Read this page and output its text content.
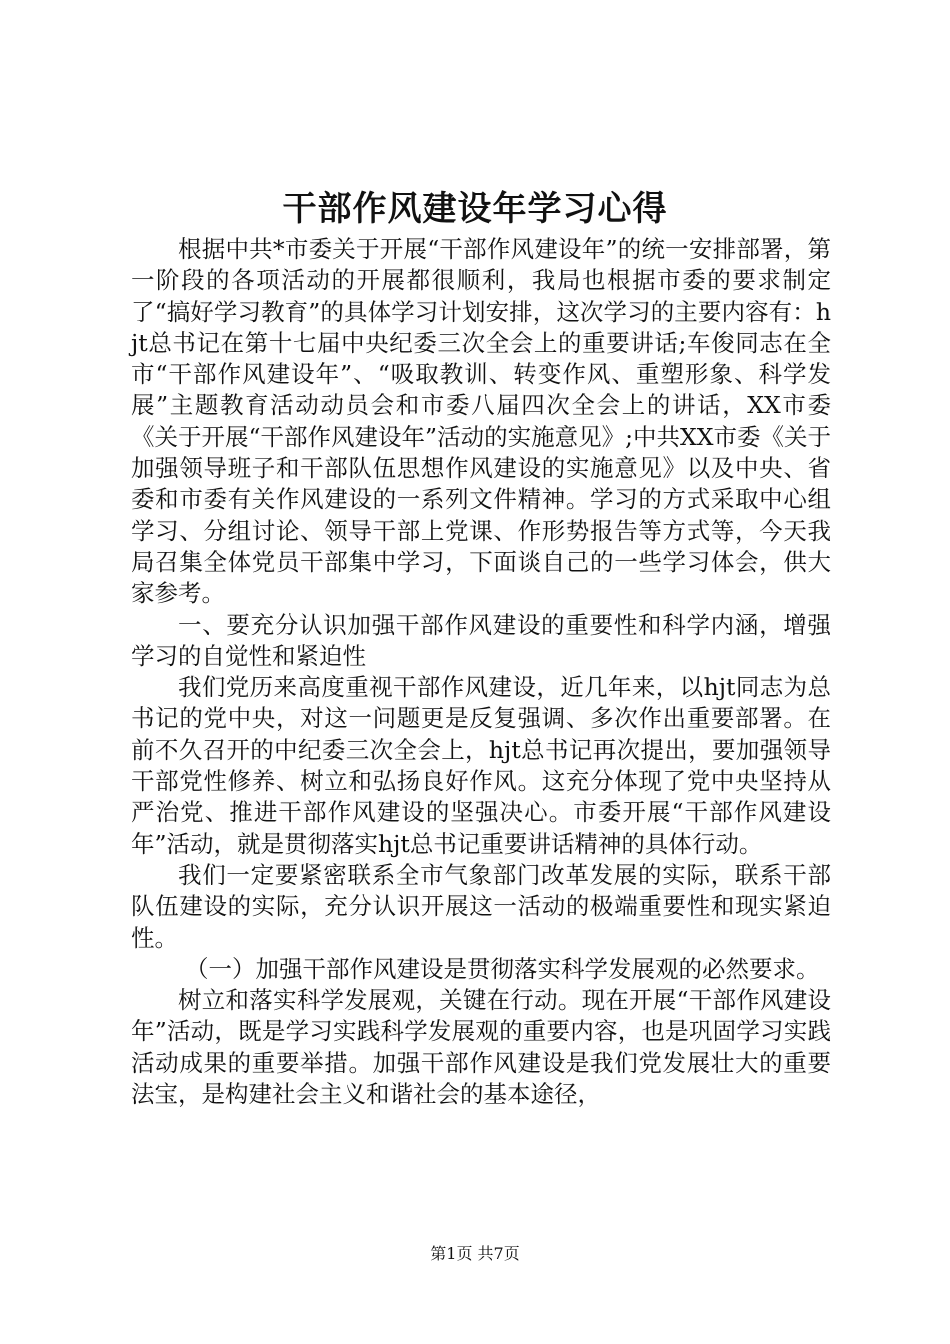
干部作风建设年学习心得

根据中共*市委关于开展“干部作风建设年”的统一安排部署，第一阶段的各项活动的开展都很顺利，我局也根据市委的要求制定了“搞好学习教育”的具体学习计划安排，这次学习的主要内容有：hjt总书记在第十七届中央纪委三次全会上的重要讲话;车俊同志在全市“干部作风建设年”、“吸取教训、转变作风、重塑形象、科学发展”主题教育活动动员会和市委八届四次全会上的讲话，XX市委《关于开展“干部作风建设年”活动的实施意见》;中共XX市委《关于加强领导班子和干部队伍思想作风建设的实施意见》以及中央、省委和市委有关作风建设的一系列文件精神。学习的方式采取中心组学习、分组讨论、领导干部上党课、作形势报告等方式等，今天我局召集全体党员干部集中学习，下面谈自己的一些学习体会，供大家参考。

一、要充分认识加强干部作风建设的重要性和科学内涵，增强学习的自觉性和紧迫性

我们党历来高度重视干部作风建设，近几年来，以hjt同志为总书记的党中央，对这一问题更是反复强调、多次作出重要部署。在前不久召开的中纪委三次全会上，hjt总书记再次提出，要加强领导干部党性修养、树立和弘扬良好作风。这充分体现了党中央坚持从严治党、推进干部作风建设的坚强决心。市委开展“干部作风建设年”活动，就是贯彻落实hjt总书记重要讲话精神的具体行动。

我们一定要紧密联系全市气象部门改革发展的实际，联系干部队伍建设的实际，充分认识开展这一活动的极端重要性和现实紧迫性。

（一）加强干部作风建设是贯彻落实科学发展观的必然要求。

树立和落实科学发展观，关键在行动。现在开展“干部作风建设年”活动，既是学习实践科学发展观的重要内容，也是巩固学习实践活动成果的重要举措。加强干部作风建设是我们党发展壮大的重要法宝，是构建社会主义和谐社会的基本途径，

第1页 共7页
